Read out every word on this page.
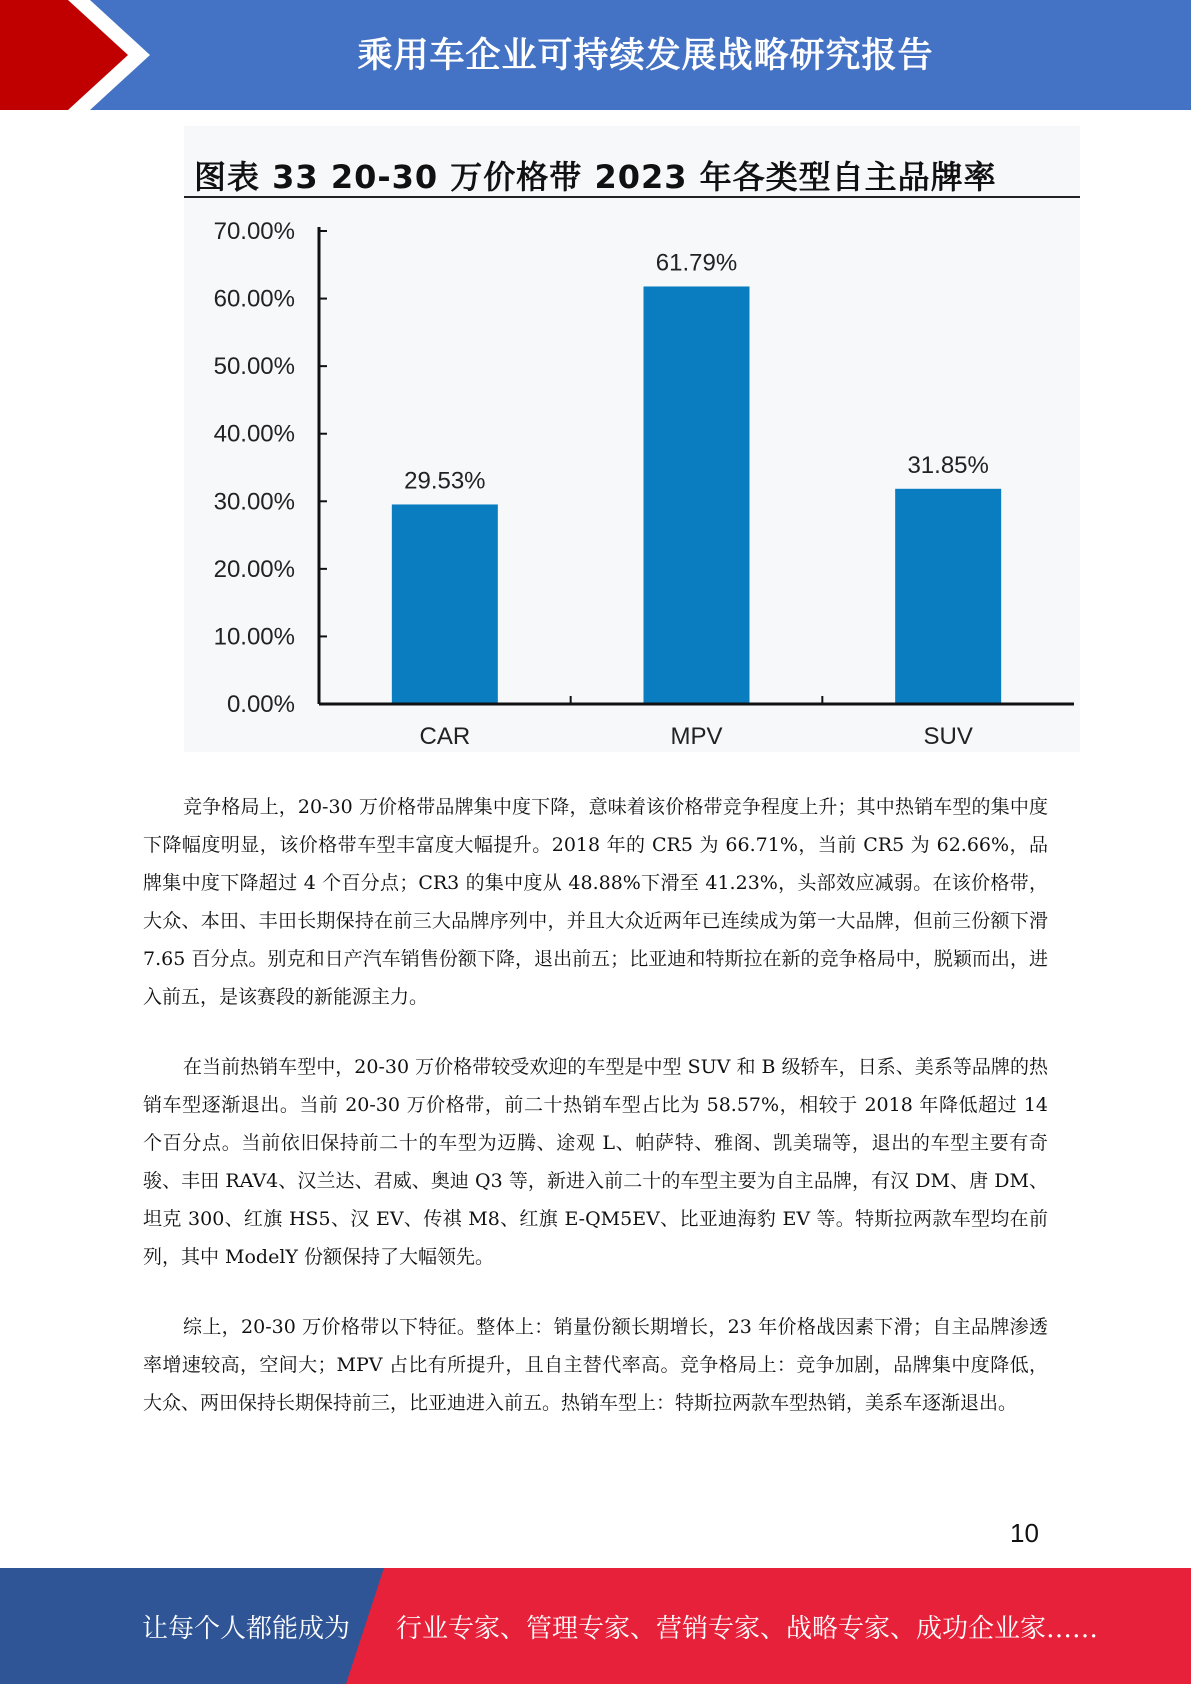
乘用车企业可持续发展战略研究报告
图表 33 20-30 万价格带 2023 年各类型自主品牌率
0.00%
10.00%
20.00%
30.00%
40.00%
50.00%
60.00%
70.00%
29.53%
61.79%
31.85%
CAR	MPV	SUV

竞争格局上，20-30 万价格带品牌集中度下降，意味着该价格带竞争程度上升；其中热销车型的集中度下降幅度明显，该价格带车型丰富度大幅提升。2018 年的 CR5 为 66.71%，当前 CR5 为 62.66%，品牌集中度下降超过 4 个百分点；CR3 的集中度从 48.88%下滑至 41.23%，头部效应减弱。在该价格带，大众、本田、丰田长期保持在前三大品牌序列中，并且大众近两年已连续成为第一大品牌，但前三份额下滑 7.65 百分点。别克和日产汽车销售份额下降，退出前五；比亚迪和特斯拉在新的竞争格局中，脱颖而出，进入前五，是该赛段的新能源主力。

在当前热销车型中，20-30 万价格带较受欢迎的车型是中型 SUV 和 B 级轿车，日系、美系等品牌的热销车型逐渐退出。当前 20-30 万价格带，前二十热销车型占比为 58.57%，相较于 2018 年降低超过 14 个百分点。当前依旧保持前二十的车型为迈腾、途观 L、帕萨特、雅阁、凯美瑞等，退出的车型主要有奇骏、丰田 RAV4、汉兰达、君威、奥迪 Q3 等，新进入前二十的车型主要为自主品牌，有汉 DM、唐 DM、坦克 300、红旗 HS5、汉 EV、传祺 M8、红旗 E-QM5EV、比亚迪海豹 EV 等。特斯拉两款车型均在前列，其中 ModelY 份额保持了大幅领先。

综上，20-30 万价格带以下特征。整体上：销量份额长期增长，23 年价格战因素下滑；自主品牌渗透率增速较高，空间大；MPV 占比有所提升，且自主替代率高。竞争格局上：竞争加剧，品牌集中度降低，大众、两田保持长期保持前三，比亚迪进入前五。热销车型上：特斯拉两款车型热销，美系车逐渐退出。

10
让每个人都能成为 行业专家、管理专家、营销专家、战略专家、成功企业家……
